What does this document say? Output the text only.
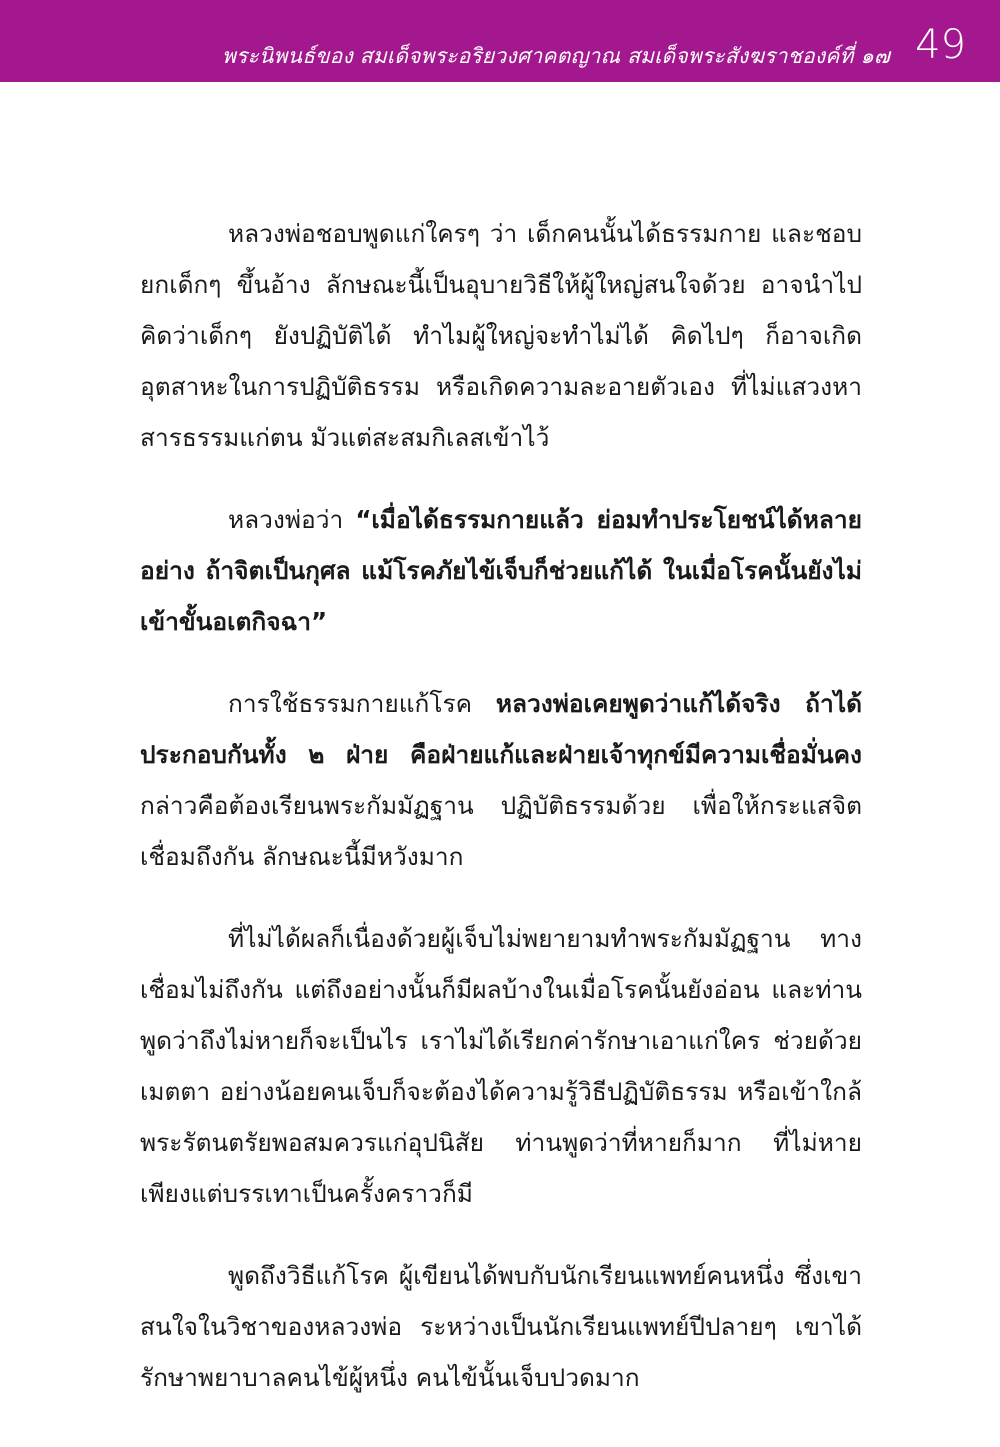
พระนิพนธ์ของ สมเด็จพระอริยวงศาคตญาณ สมเด็จพระสังฆราชองค์ที่ ๑๗ 49

หลวงพ่อชอบพูดแก่ใครๆ ว่า เด็กคนนั้นได้ธรรมกาย และชอบยกเด็กๆ ขึ้นอ้าง ลักษณะนี้เป็นอุบายวิธีให้ผู้ใหญ่สนใจด้วย อาจนำไปคิดว่าเด็กๆ ยังปฏิบัติได้ ทำไมผู้ใหญ่จะทำไม่ได้ คิดไปๆ ก็อาจเกิดอุตสาหะในการปฏิบัติธรรม หรือเกิดความละอายตัวเอง ที่ไม่แสวงหาสารธรรมแก่ตน มัวแต่สะสมกิเลสเข้าไว้

หลวงพ่อว่า “เมื่อได้ธรรมกายแล้ว ย่อมทำประโยชน์ได้หลายอย่าง ถ้าจิตเป็นกุศล แม้โรคภัยไข้เจ็บก็ช่วยแก้ได้ ในเมื่อโรคนั้นยังไม่เข้าขั้นอเตกิจฉา”

การใช้ธรรมกายแก้โรค หลวงพ่อเคยพูดว่าแก้ได้จริง ถ้าได้ประกอบกันทั้ง ๒ ฝ่าย คือฝ่ายแก้และฝ่ายเจ้าทุกข์มีความเชื่อมั่นคง กล่าวคือต้องเรียนพระกัมมัฏฐาน ปฏิบัติธรรมด้วย เพื่อให้กระแสจิตเชื่อมถึงกัน ลักษณะนี้มีหวังมาก

ที่ไม่ได้ผลก็เนื่องด้วยผู้เจ็บไม่พยายามทำพระกัมมัฏฐาน ทางเชื่อมไม่ถึงกัน แต่ถึงอย่างนั้นก็มีผลบ้างในเมื่อโรคนั้นยังอ่อน และท่านพูดว่าถึงไม่หายก็จะเป็นไร เราไม่ได้เรียกค่ารักษาเอาแก่ใคร ช่วยด้วยเมตตา อย่างน้อยคนเจ็บก็จะต้องได้ความรู้วิธีปฏิบัติธรรม หรือเข้าใกล้พระรัตนตรัยพอสมควรแก่อุปนิสัย ท่านพูดว่าที่หายก็มาก ที่ไม่หายเพียงแต่บรรเทาเป็นครั้งคราวก็มี

พูดถึงวิธีแก้โรค ผู้เขียนได้พบกับนักเรียนแพทย์คนหนึ่ง ซึ่งเขาสนใจในวิชาของหลวงพ่อ ระหว่างเป็นนักเรียนแพทย์ปีปลายๆ เขาได้รักษาพยาบาลคนไข้ผู้หนึ่ง คนไข้นั้นเจ็บปวดมาก
